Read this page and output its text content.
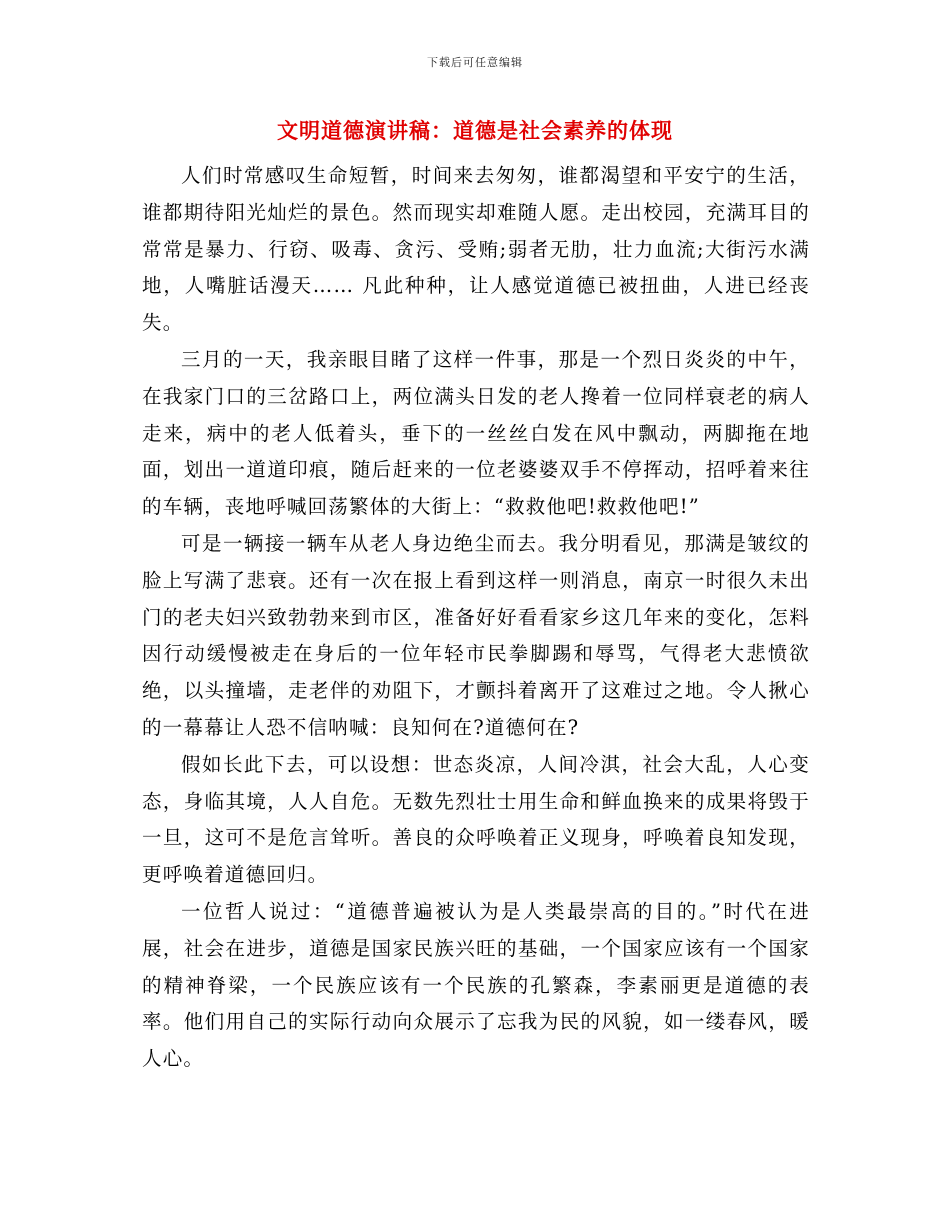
下载后可任意编辑
文明道德演讲稿：道德是社会素养的体现

人们时常感叹生命短暂，时间来去匆匆，谁都渴望和平安宁的生活，谁都期待阳光灿烂的景色。然而现实却难随人愿。走出校园，充满耳目的常常是暴力、行窃、吸毒、贪污、受贿;弱者无肋，壮力血流;大街污水满地，人嘴脏话漫天…… 凡此种种，让人感觉道德已被扭曲，人进已经丧失。

三月的一天，我亲眼目睹了这样一件事，那是一个烈日炎炎的中午，在我家门口的三岔路口上，两位满头日发的老人搀着一位同样衰老的病人走来，病中的老人低着头，垂下的一丝丝白发在风中飘动，两脚拖在地面，划出一道道印痕，随后赶来的一位老婆婆双手不停挥动，招呼着来往的车辆，丧地呼喊回荡繁体的大街上：“救救他吧!救救他吧!”

可是一辆接一辆车从老人身边绝尘而去。我分明看见，那满是皱纹的脸上写满了悲衰。还有一次在报上看到这样一则消息，南京一时很久未出门的老夫妇兴致勃勃来到市区，准备好好看看家乡这几年来的变化，怎料因行动缓慢被走在身后的一位年轻市民拳脚踢和辱骂，气得老大悲愤欲绝，以头撞墙，走老伴的劝阻下，才颤抖着离开了这难过之地。令人揪心的一幕幕让人恐不信呐喊：良知何在?道德何在?

假如长此下去，可以设想：世态炎凉，人间冷淇，社会大乱，人心变态，身临其境，人人自危。无数先烈壮士用生命和鲜血换来的成果将毁于一旦，这可不是危言耸听。善良的众呼唤着正义现身，呼唤着良知发现，更呼唤着道德回归。

一位哲人说过：“道德普遍被认为是人类最崇高的目的。”时代在进展，社会在进步，道德是国家民族兴旺的基础，一个国家应该有一个国家的精神脊梁，一个民族应该有一个民族的孔繁森，李素丽更是道德的表率。他们用自己的实际行动向众展示了忘我为民的风貌，如一缕春风，暖人心。
